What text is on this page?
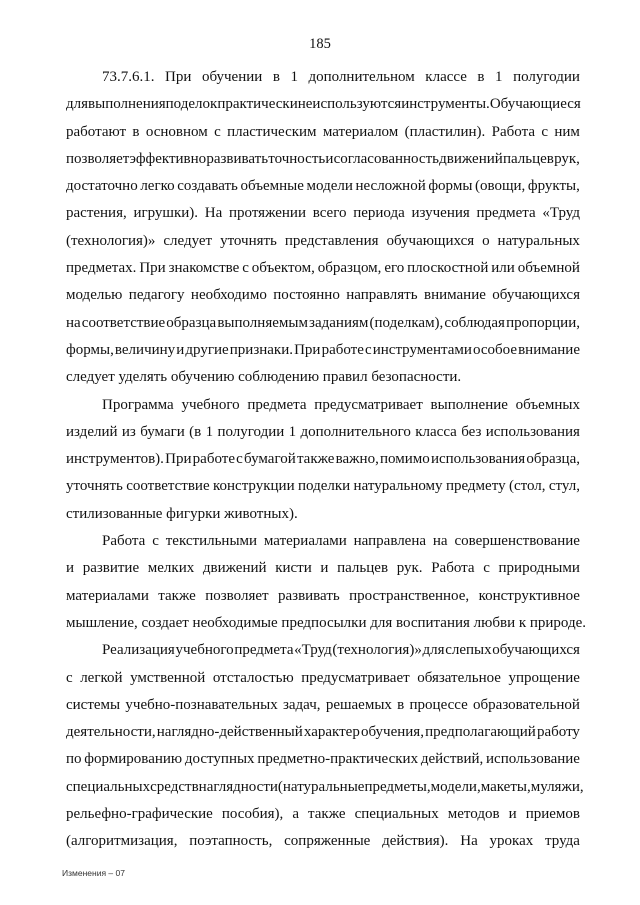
185
73.7.6.1. При обучении в 1 дополнительном классе в 1 полугодии
для выполнения поделок практически не используются инструменты. Обучающиеся
работают в основном с пластическим материалом (пластилин). Работа с ним
позволяет эффективно развивать точность и согласованность движений пальцев рук,
достаточно легко создавать объемные модели несложной формы (овощи, фрукты,
растения, игрушки). На протяжении всего периода изучения предмета «Труд
(технология)» следует уточнять представления обучающихся о натуральных
предметах. При знакомстве с объектом, образцом, его плоскостной или объемной
моделью педагогу необходимо постоянно направлять внимание обучающихся
на соответствие образца выполняемым заданиям (поделкам), соблюдая пропорции,
формы, величину и другие признаки. При работе с инструментами особое внимание
следует уделять обучению соблюдению правил безопасности.
Программа учебного предмета предусматривает выполнение объемных
изделий из бумаги (в 1 полугодии 1 дополнительного класса без использования
инструментов). При работе с бумагой также важно, помимо использования образца,
уточнять соответствие конструкции поделки натуральному предмету (стол, стул,
стилизованные фигурки животных).
Работа с текстильными материалами направлена на совершенствование
и развитие мелких движений кисти и пальцев рук. Работа с природными
материалами также позволяет развивать пространственное, конструктивное
мышление, создает необходимые предпосылки для воспитания любви к природе.
Реализация учебного предмета «Труд (технология)» для слепых обучающихся
с легкой умственной отсталостью предусматривает обязательное упрощение
системы учебно-познавательных задач, решаемых в процессе образовательной
деятельности, наглядно-действенный характер обучения, предполагающий работу
по формированию доступных предметно-практических действий, использование
специальных средств наглядности (натуральные предметы, модели, макеты, муляжи,
рельефно-графические пособия), а также специальных методов и приемов
(алгоритмизация, поэтапность, сопряженные действия). На уроках труда
Изменения – 07
